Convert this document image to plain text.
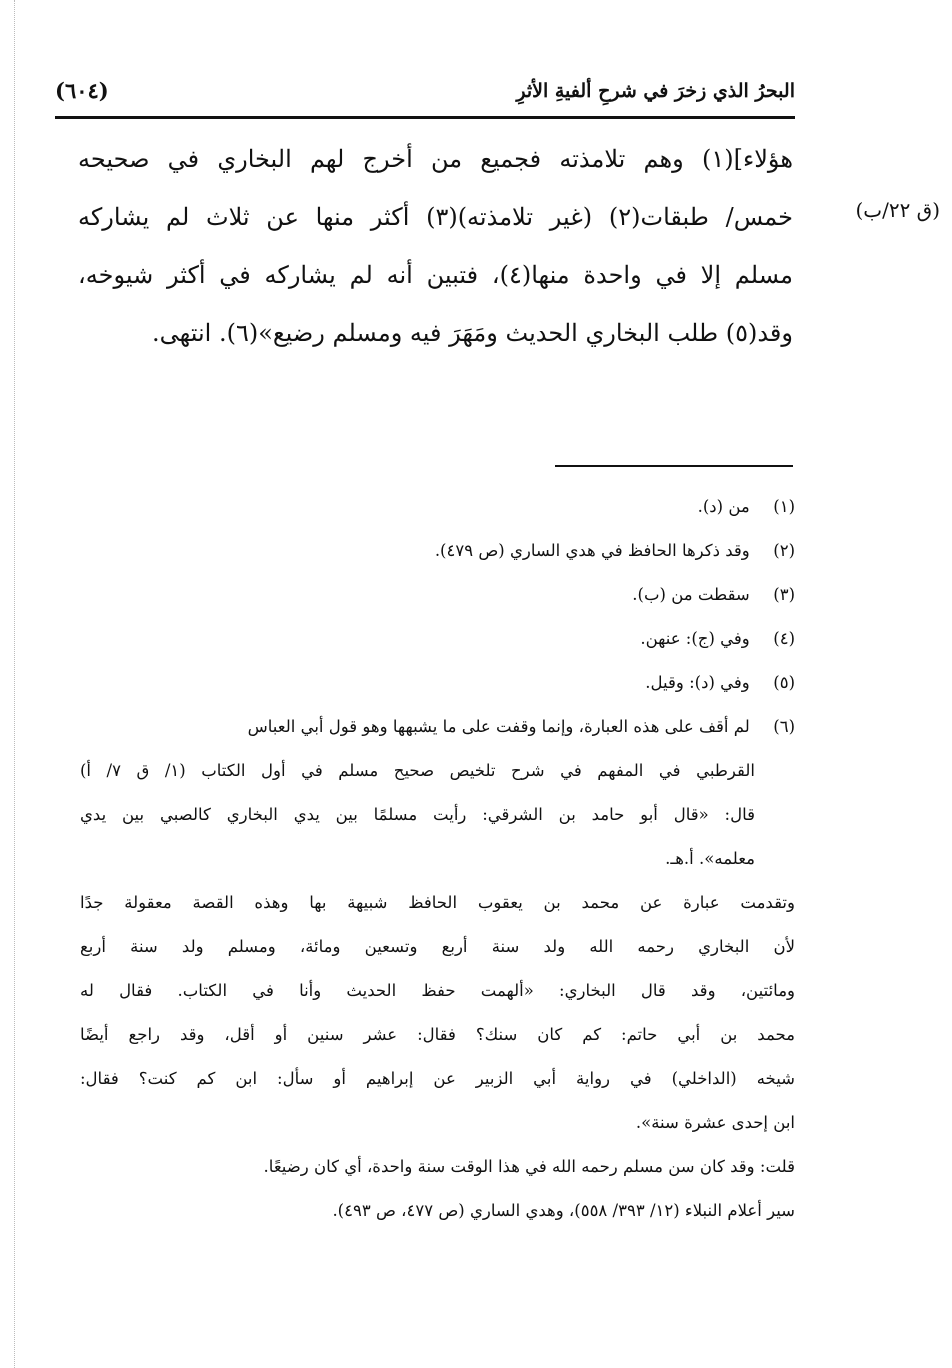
(٦٠٤)	البحرُ الذي زخرَ في شرحِ ألفيةِ الأثرِ
(ق ٢٢/ب)
هؤلاء](١) وهم تلامذته فجميع من أخرج لهم البخاري في صحيحه
خمس/ طبقات(٢) (غير تلامذته)(٣) أكثر منها عن ثلاث لم يشاركه
مسلم إلا في واحدة منها(٤)، فتبين أنه لم يشاركه في أكثر شيوخه،
وقد(٥) طلب البخاري الحديث ومَهَرَ فيه ومسلم رضيع»(٦). انتهى.
(١) من (د).
(٢) وقد ذكرها الحافظ في هدي الساري (ص ٤٧٩).
(٣) سقطت من (ب).
(٤) وفي (ج): عنهن.
(٥) وفي (د): وقيل.
(٦) لم أقف على هذه العبارة، وإنما وقفت على ما يشبهها وهو قول أبي العباس
القرطبي في المفهم في شرح تلخيص صحيح مسلم في أول الكتاب (١/ ق ٧/ أ)
قال: «قال أبو حامد بن الشرقي: رأيت مسلمًا بين يدي البخاري كالصبي بين يدي
معلمه». أ.هـ.
وتقدمت عبارة عن محمد بن يعقوب الحافظ شبيهة بها وهذه القصة معقولة جدًا
لأن البخاري رحمه الله ولد سنة أربع وتسعين ومائة، ومسلم ولد سنة أربع
ومائتين، وقد قال البخاري: «ألهمت حفظ الحديث وأنا في الكتاب. فقال له
محمد بن أبي حاتم: كم كان سنك؟ فقال: عشر سنين أو أقل، وقد راجع أيضًا
شيخه (الداخلي) في رواية أبي الزبير عن إبراهيم أو سأل: ابن كم كنت؟ فقال:
ابن إحدى عشرة سنة».
قلت: وقد كان سن مسلم رحمه الله في هذا الوقت سنة واحدة، أي كان رضيعًا.
سير أعلام النبلاء (١٢/ ٣٩٣/ ٥٥٨)، وهدي الساري (ص ٤٧٧، ص ٤٩٣).
